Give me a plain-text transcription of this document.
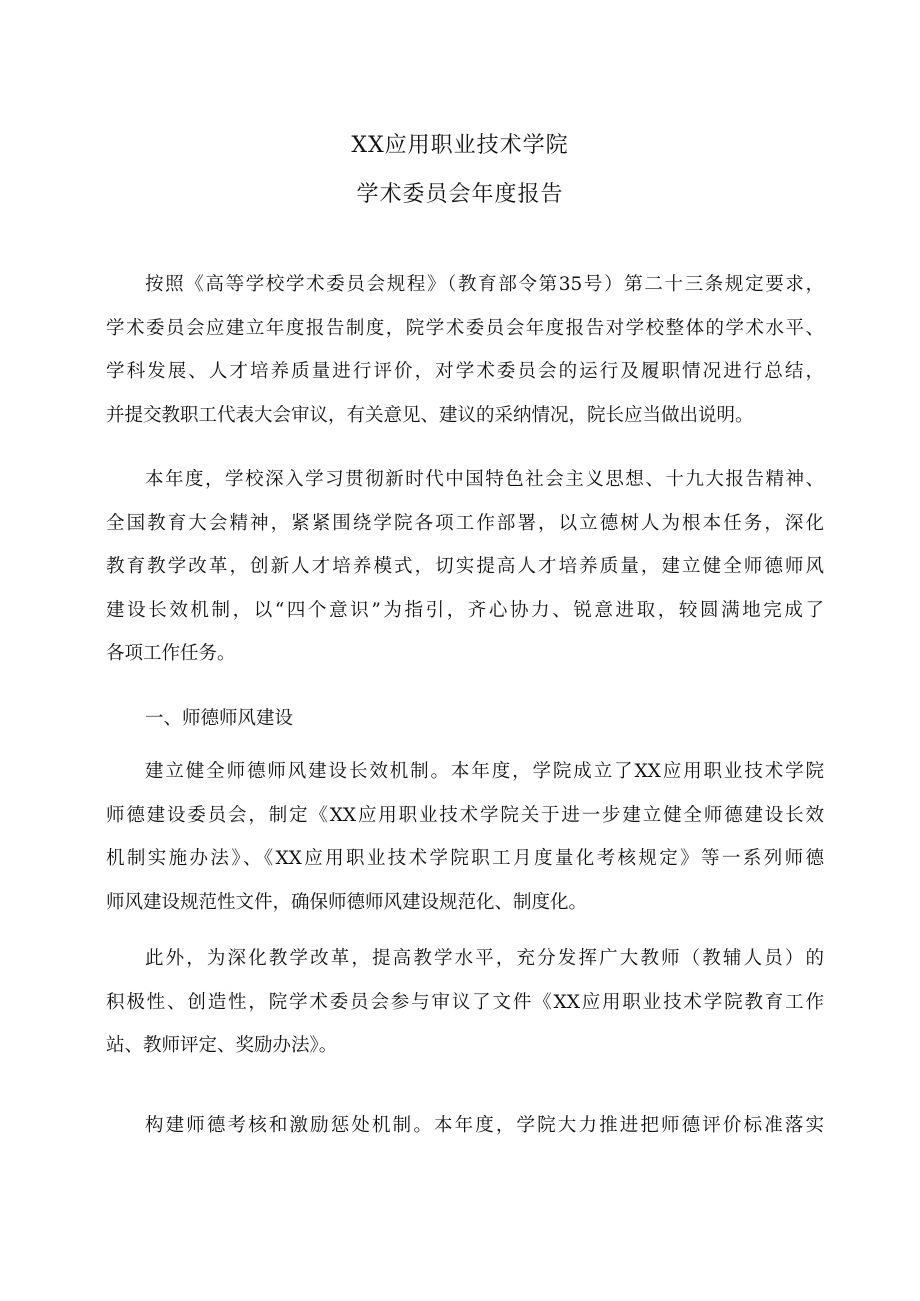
XX应用职业技术学院
学术委员会年度报告
按照《高等学校学术委员会规程》（教育部令第35号）第二十三条规定要求，
学术委员会应建立年度报告制度，院学术委员会年度报告对学校整体的学术水平、
学科发展、人才培养质量进行评价，对学术委员会的运行及履职情况进行总结，
并提交教职工代表大会审议，有关意见、建议的采纳情况，院长应当做出说明。
本年度，学校深入学习贯彻新时代中国特色社会主义思想、十九大报告精神、
全国教育大会精神，紧紧围绕学院各项工作部署，以立德树人为根本任务，深化
教育教学改革，创新人才培养模式，切实提高人才培养质量，建立健全师德师风
建设长效机制，以“四个意识”为指引，齐心协力、锐意进取，较圆满地完成了
各项工作任务。
一、师德师风建设
建立健全师德师风建设长效机制。本年度，学院成立了XX应用职业技术学院
师德建设委员会，制定《XX应用职业技术学院关于进一步建立健全师德建设长效
机制实施办法》、《XX应用职业技术学院职工月度量化考核规定》等一系列师德
师风建设规范性文件，确保师德师风建设规范化、制度化。
此外，为深化教学改革，提高教学水平，充分发挥广大教师（教辅人员）的
积极性、创造性，院学术委员会参与审议了文件《XX应用职业技术学院教育工作
站、教师评定、奖励办法》。
构建师德考核和激励惩处机制。本年度，学院大力推进把师德评价标准落实
